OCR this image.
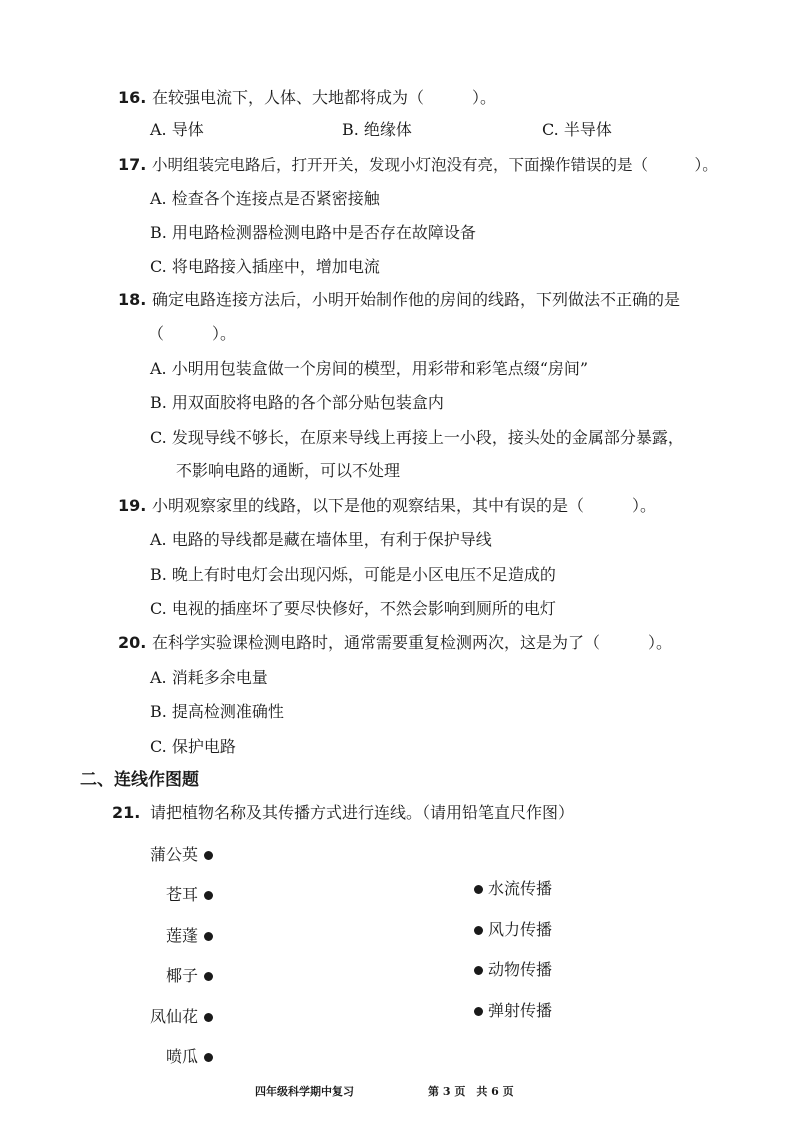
16. 在较强电流下，人体、大地都将成为（　　　）。
A. 导体	B. 绝缘体	C. 半导体
17. 小明组装完电路后，打开开关，发现小灯泡没有亮，下面操作错误的是（　　　）。
A. 检查各个连接点是否紧密接触
B. 用电路检测器检测电路中是否存在故障设备
C. 将电路接入插座中，增加电流
18. 确定电路连接方法后，小明开始制作他的房间的线路，下列做法不正确的是
（　　　）。
A. 小明用包装盒做一个房间的模型，用彩带和彩笔点缀“房间”
B. 用双面胶将电路的各个部分贴包装盒内
C. 发现导线不够长，在原来导线上再接上一小段，接头处的金属部分暴露，
不影响电路的通断，可以不处理
19. 小明观察家里的线路，以下是他的观察结果，其中有误的是（　　　）。
A. 电路的导线都是藏在墙体里，有利于保护导线
B. 晚上有时电灯会出现闪烁，可能是小区电压不足造成的
C. 电视的插座坏了要尽快修好，不然会影响到厕所的电灯
20. 在科学实验课检测电路时，通常需要重复检测两次，这是为了（　　　）。
A. 消耗多余电量
B. 提高检测准确性
C. 保护电路
二、连线作图题
21. 请把植物名称及其传播方式进行连线。（请用铅笔直尺作图）
蒲公英
苍耳
莲蓬
椰子
凤仙花
喷瓜
水流传播
风力传播
动物传播
弹射传播
四年级科学期中复习	第 3 页　共 6 页
